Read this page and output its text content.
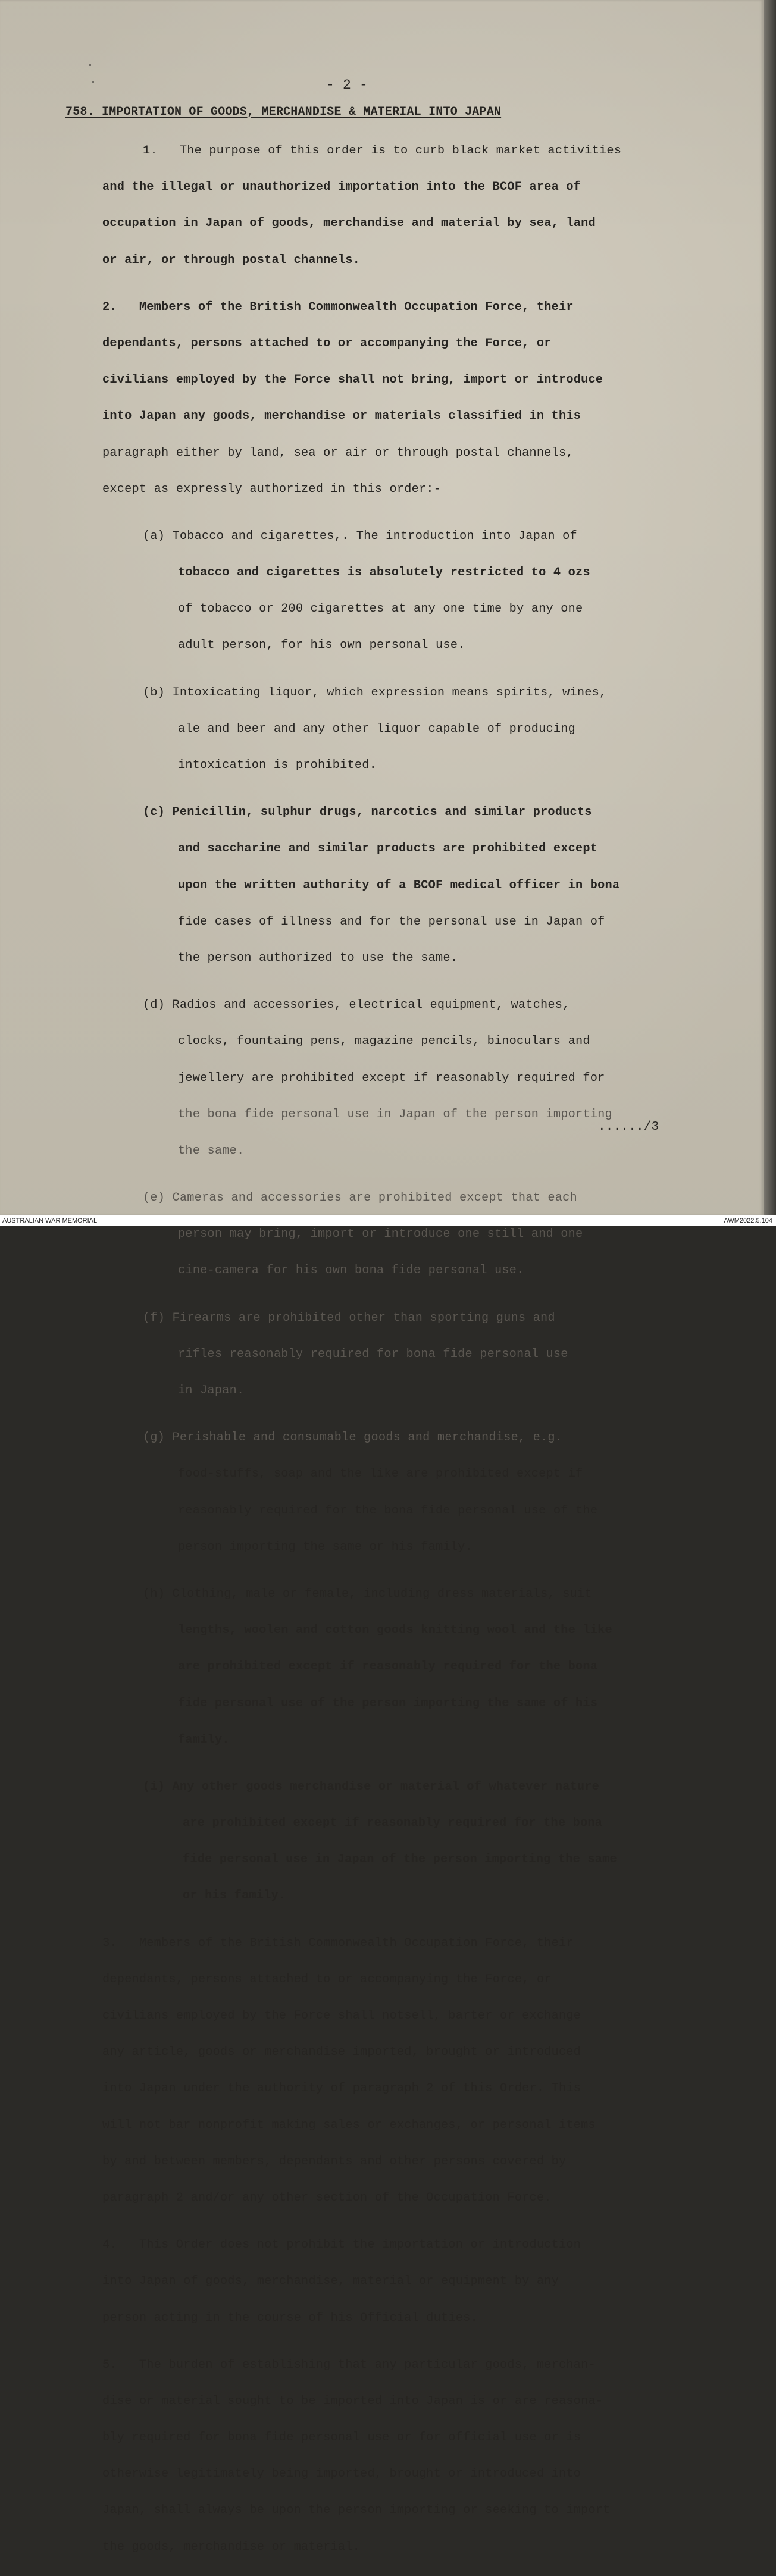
- 2 -
758. IMPORTATION OF GOODS, MERCHANDISE & MATERIAL INTO JAPAN

1.   The purpose of this order is to curb black market activities

and the illegal or unauthorized importation into the BCOF area of

occupation in Japan of goods, merchandise and material by sea, land

or air, or through postal channels.

2.   Members of the British Commonwealth Occupation Force, their

dependants, persons attached to or accompanying the Force, or

civilians employed by the Force shall not bring, import or introduce

into Japan any goods, merchandise or materials classified in this

paragraph either by land, sea or air or through postal channels,

except as expressly authorized in this order:-

(a) Tobacco and cigarettes,. The introduction into Japan of

tobacco and cigarettes is absolutely restricted to 4 ozs

of tobacco or 200 cigarettes at any one time by any one

adult person, for his own personal use.

(b) Intoxicating liquor, which expression means spirits, wines,

ale and beer and any other liquor capable of producing

intoxication is prohibited.

(c) Penicillin, sulphur drugs, narcotics and similar products

and saccharine and similar products are prohibited except

upon the written authority of a BCOF medical officer in bona

fide cases of illness and for the personal use in Japan of

the person authorized to use the same.

(d) Radios and accessories, electrical equipment, watches,

clocks, fountaing pens, magazine pencils, binoculars and

jewellery are prohibited except if reasonably required for

the bona fide personal use in Japan of the person importing

the same.

(e) Cameras and accessories are prohibited except that each

person may bring, import or introduce one still and one

cine-camera for his own bona fide personal use.

(f) Firearms are prohibited other than sporting guns and

rifles reasonably required for bona fide personal use

in Japan.

(g) Perishable and consumable goods and merchandise, e.g.

food-stuffs, soap and the like are prohibited except if

reasonably required for the bona fide personal use of the

person importing the same or his family.

(h) Clothing, male or female, including dress materials, suit

lengths, woolen and cotton goods knitting wool and the like

are prohibited except if reasonably required for the bona

fide personal use of the person importing the same of his

family.

(i) Any other goods merchandise or material of whatever nature

are prohibited except if reasonably required for the bona

fide personal use in Japan of the person importing the same

or his family.

3.   Members of the British Commonwealth Occupation Force, their

dependants, persons attached to or accompanying the Force, or

civilians employed by the Force shall notsell, barter or exchange

any article, goods or merchandise imported, brought or introduced

into Japan under the authority of paragraph 2 of this Order. This

will not bar nonprofit making sales or exchanges, or personal items

by and between members, dependants and other persons covered by

paragraph 2 and/or any other section of the Occupation Force.

4.   This Order does not prohibit the importation or introduction

into Japan of goods, merchandise, material or equipment by any

person acting in the course of his Official duties.

5.   The burden of establishing that any particular goods, merchan-

dise or material sought to be imported into Japan is or are reasona-

bly required for bona fide personal use or for official use or is

otherwise legitimately being imported, brought or introduced into

Japan, shall always be upon the person importing or seeking to import

the goods, merchandise or material.

....../3
AUSTRALIAN WAR MEMORIAL	AWM2022.5.104
